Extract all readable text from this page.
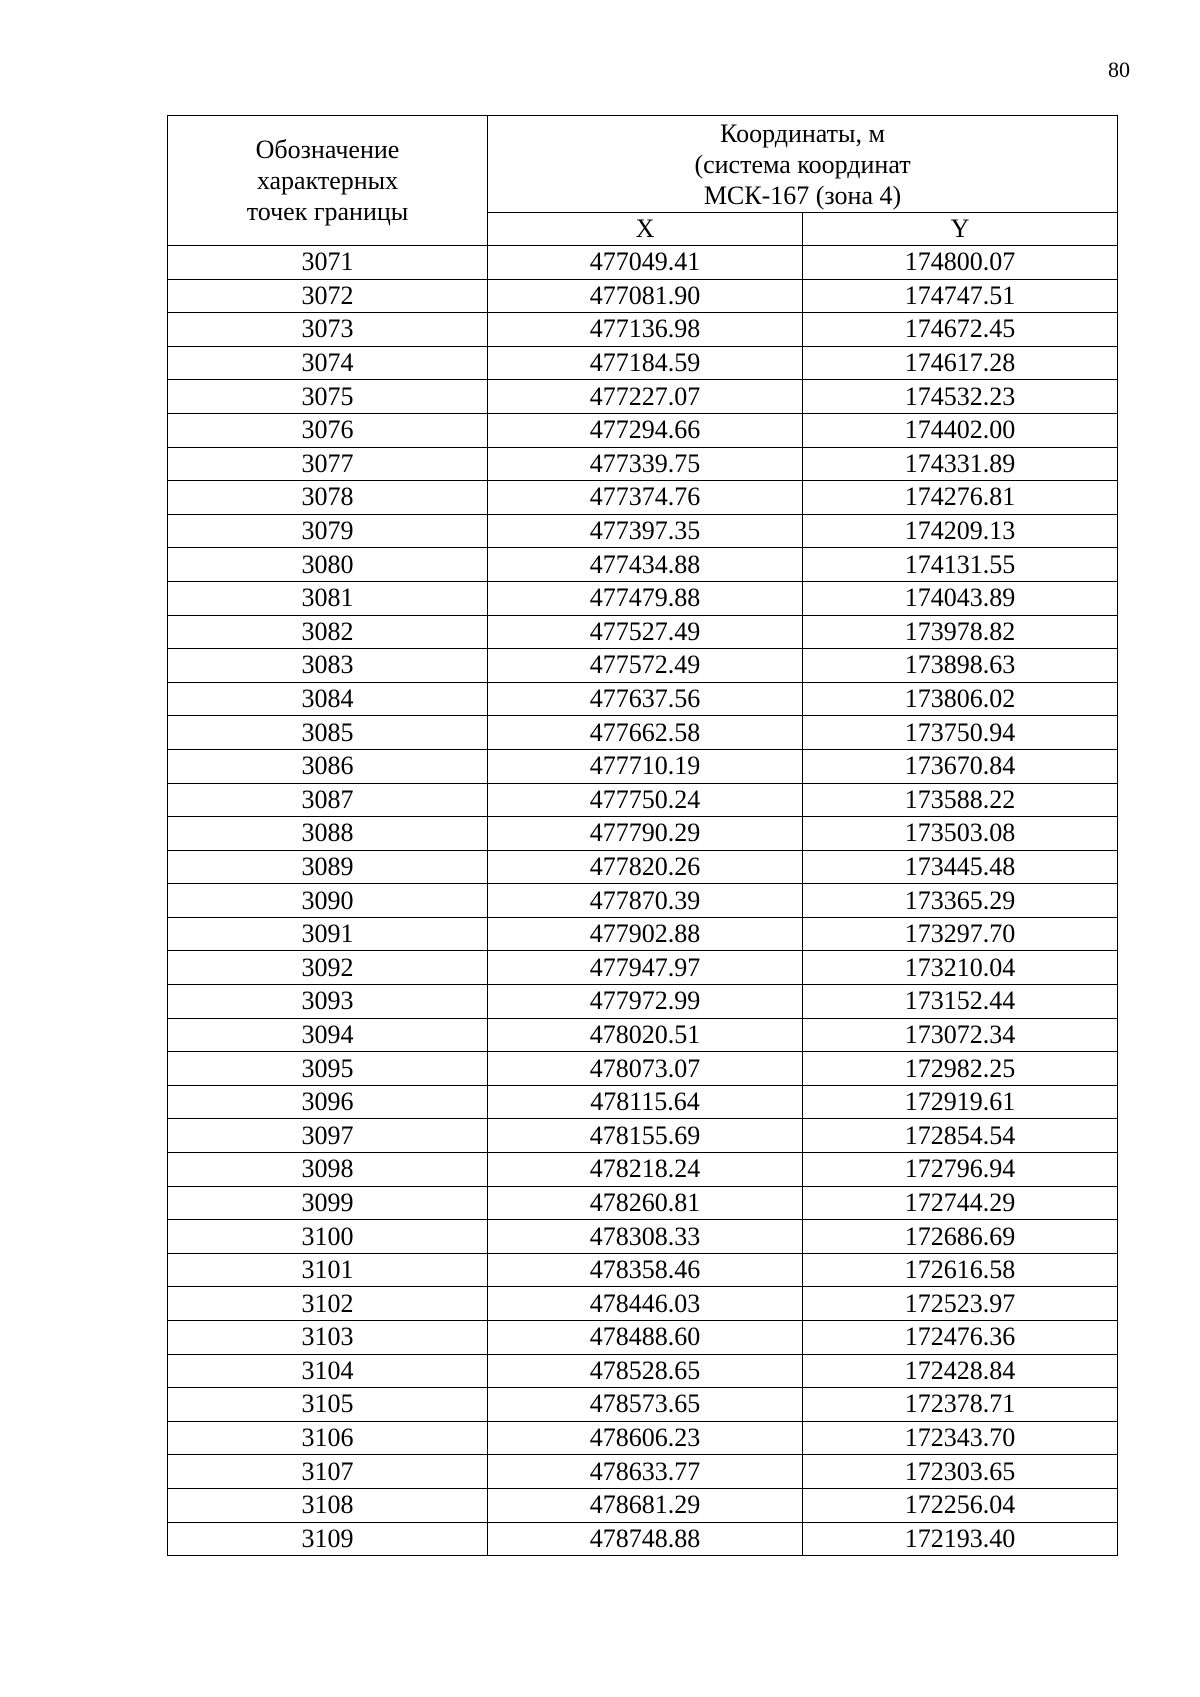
80
Обозначение
характерных
точек границы	Координаты, м
(система координат
МСК-167 (зона 4)	

	X	Y
3071	477049.41	174800.07
3072	477081.90	174747.51
3073	477136.98	174672.45
3074	477184.59	174617.28
3075	477227.07	174532.23
3076	477294.66	174402.00
3077	477339.75	174331.89
3078	477374.76	174276.81
3079	477397.35	174209.13
3080	477434.88	174131.55
3081	477479.88	174043.89
3082	477527.49	173978.82
3083	477572.49	173898.63
3084	477637.56	173806.02
3085	477662.58	173750.94
3086	477710.19	173670.84
3087	477750.24	173588.22
3088	477790.29	173503.08
3089	477820.26	173445.48
3090	477870.39	173365.29
3091	477902.88	173297.70
3092	477947.97	173210.04
3093	477972.99	173152.44
3094	478020.51	173072.34
3095	478073.07	172982.25
3096	478115.64	172919.61
3097	478155.69	172854.54
3098	478218.24	172796.94
3099	478260.81	172744.29
3100	478308.33	172686.69
3101	478358.46	172616.58
3102	478446.03	172523.97
3103	478488.60	172476.36
3104	478528.65	172428.84
3105	478573.65	172378.71
3106	478606.23	172343.70
3107	478633.77	172303.65
3108	478681.29	172256.04
3109	478748.88	172193.40
